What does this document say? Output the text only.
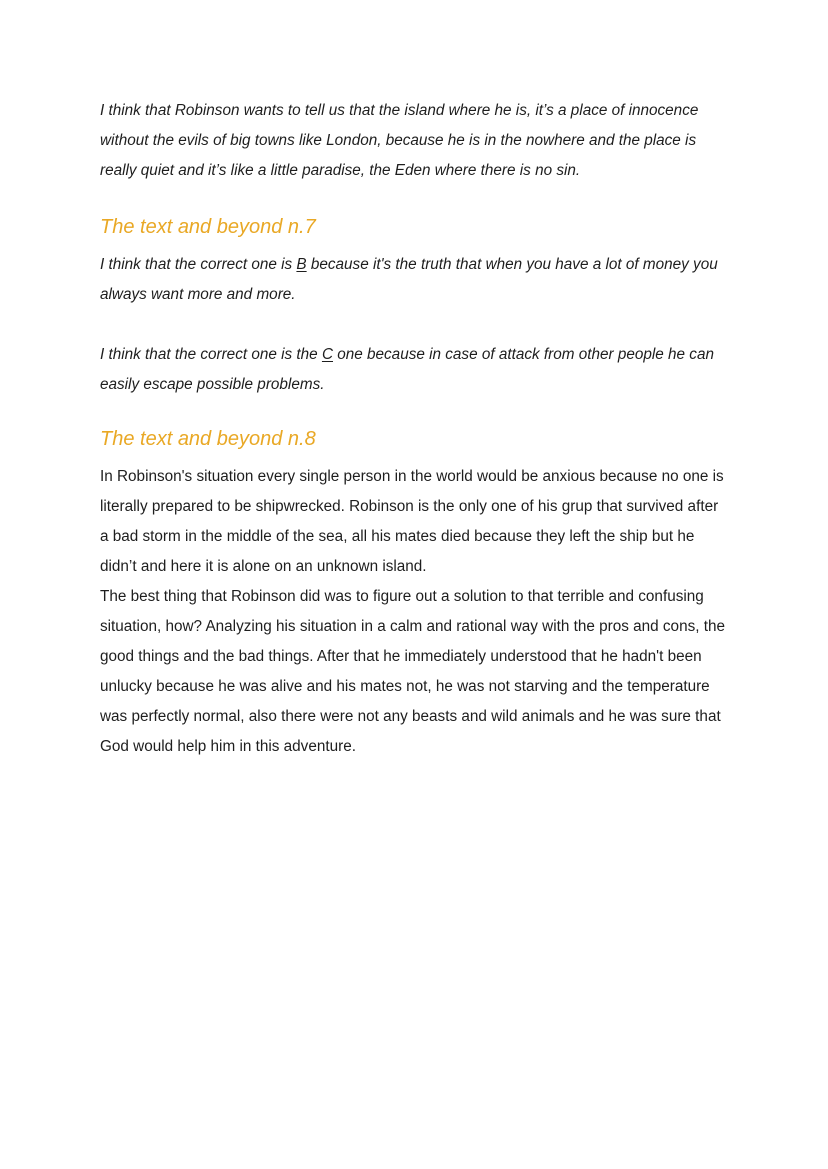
I think that Robinson wants to tell us that the island where he is, it’s a place of innocence without the evils of big towns like London, because he is in the nowhere and the place is really quiet and it’s like a little paradise, the Eden where there is no sin.

The text and beyond n.7

I think that the correct one is B because it's the truth that when you have a lot of money you always want more and more.

I think that the correct one is the C one because in case of attack from other people he can easily escape possible problems.

The text and beyond n.8

In Robinson's situation every single person in the world would be anxious because no one is literally prepared to be shipwrecked. Robinson is the only one of his grup that survived after a bad storm in the middle of the sea, all his mates died because they left the ship but he didn’t and here it is alone on an unknown island.

The best thing that Robinson did was to figure out a solution to that terrible and confusing situation, how? Analyzing his situation in a calm and rational way with the pros and cons, the good things and the bad things. After that he immediately understood that he hadn't been unlucky because he was alive and his mates not, he was not starving and the temperature was perfectly normal, also there were not any beasts and wild animals and he was sure that God would help him in this adventure.
